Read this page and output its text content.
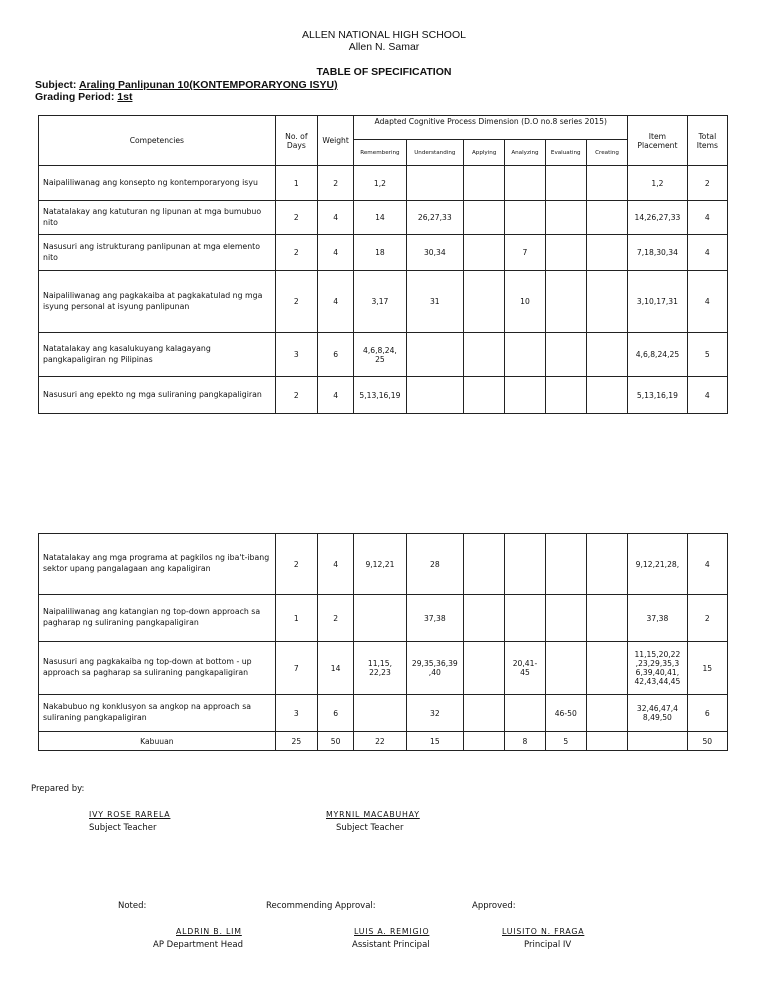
ALLEN NATIONAL HIGH SCHOOL
Allen N. Samar
TABLE OF SPECIFICATION
Subject: Araling Panlipunan 10(KONTEMPORARYONG ISYU)
Grading Period: 1st
Competencies	No. of Days	Weight	Adapted Cognitive Process Dimension (D.O no.8 series 2015)						Item Placement	Total Items
			Remembering	Understanding	Applying	Analyzing	Evaluating	Creating		
Naipaliliwanag ang konsepto ng kontemporaryong isyu	1	2	1,2						1,2	2
Natatalakay ang katuturan ng lipunan at mga bumubuo nito	2	4	14	26,27,33					14,26,27,33	4
Nasusuri ang istrukturang panlipunan at mga elemento nito	2	4	18	30,34		7			7,18,30,34	4
Naipaliliwanag ang pagkakaiba at pagkakatulad ng mga isyung personal at isyung panlipunan	2	4	3,17	31		10			3,10,17,31	4
Natatalakay ang kasalukuyang kalagayang pangkapaligiran ng Pilipinas	3	6	4,6,8,24, 25						4,6,8,24,25	5
Nasusuri ang epekto ng mga suliraning pangkapaligiran	2	4	5,13,16,19						5,13,16,19	4
Natatalakay ang mga programa at pagkilos ng iba't-ibang sektor upang pangalagaan ang kapaligiran	2	4	9,12,21	28					9,12,21,28,	4
Naipaliliwanag ang katangian ng top-down approach sa pagharap ng suliraning pangkapaligiran	1	2		37,38					37,38	2
Nasusuri ang pagkakaiba ng top-down at bottom - up approach sa pagharap sa suliraning pangkapaligiran	7	14	11,15, 22,23	29,35,36,39 ,40		20,41- 45			11,15,20,22 ,23,29,35,3 6,39,40,41, 42,43,44,45	15
Nakabubuo ng konklusyon sa angkop na approach sa suliraning pangkapaligiran	3	6		32			46-50		32,46,47,4 8,49,50	6
Kabuuan	25	50	22	15		8	5			50
Prepared by:
IVY ROSE RARELA
Subject Teacher
MYRNIL MACABUHAY
Subject Teacher
Noted:	Recommending Approval:	Approved:
ALDRIN B. LIM
AP Department Head
LUIS A. REMIGIO
Assistant Principal
LUISITO N. FRAGA
Principal IV
